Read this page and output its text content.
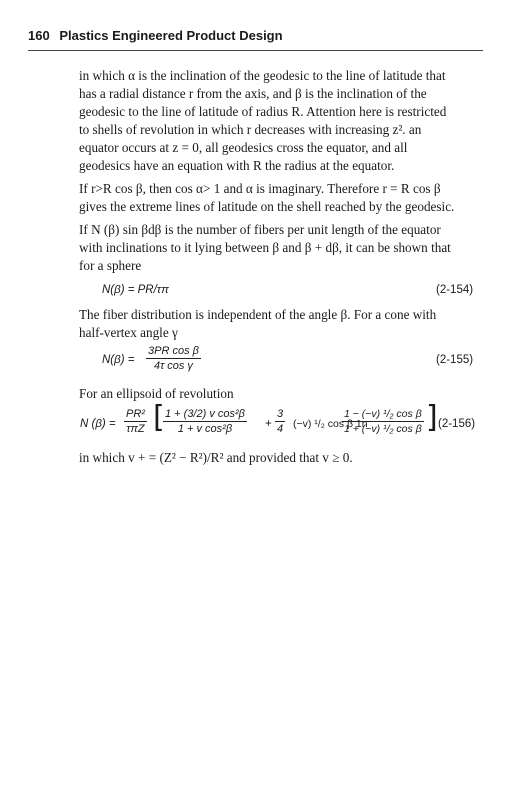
160 Plastics Engineered Product Design
in which α is the inclination of the geodesic to the line of latitude that
has a radial distance r from the axis, and β is the inclination of the
geodesic to the line of latitude of radius R. Attention here is restricted
to shells of revolution in which r decreases with increasing z². an
equator occurs at z = 0, all geodesics cross the equator, and all
geodesics have an equation with R the radius at the equator.
If r>R cos β, then cos α> 1 and α is imaginary. Therefore r = R cos β
gives the extreme lines of latitude on the shell reached by the geodesic.
If N (β) sin βdβ is the number of fibers per unit length of the equator
with inclinations to it lying between β and β + dβ, it can be shown that
for a sphere
N(β) = PR/τπ	(2-154)
The fiber distribution is independent of the angle β. For a cone with
half-vertex angle γ
$N(\beta) = \frac{\text{3PR cos β}}{\text{4τ cos γ}}$	(2-155)
For an ellipsoid of revolution
N (β) =
PR²
τπZ [
$\frac{\text{1 + (3/2) v cos²β}}{\text{1 + v cos²β}} + \frac{3}{4} (-v)$ ¹/₂ cos β 1n
$\frac{\text{1 − (−v) ¹/₂ cos β}}{\text{1 + (−v) ¹/₂ cos β}}$ ] (2-156)
in which v + = (Z² − R²)/R² and provided that v ≥ 0.
